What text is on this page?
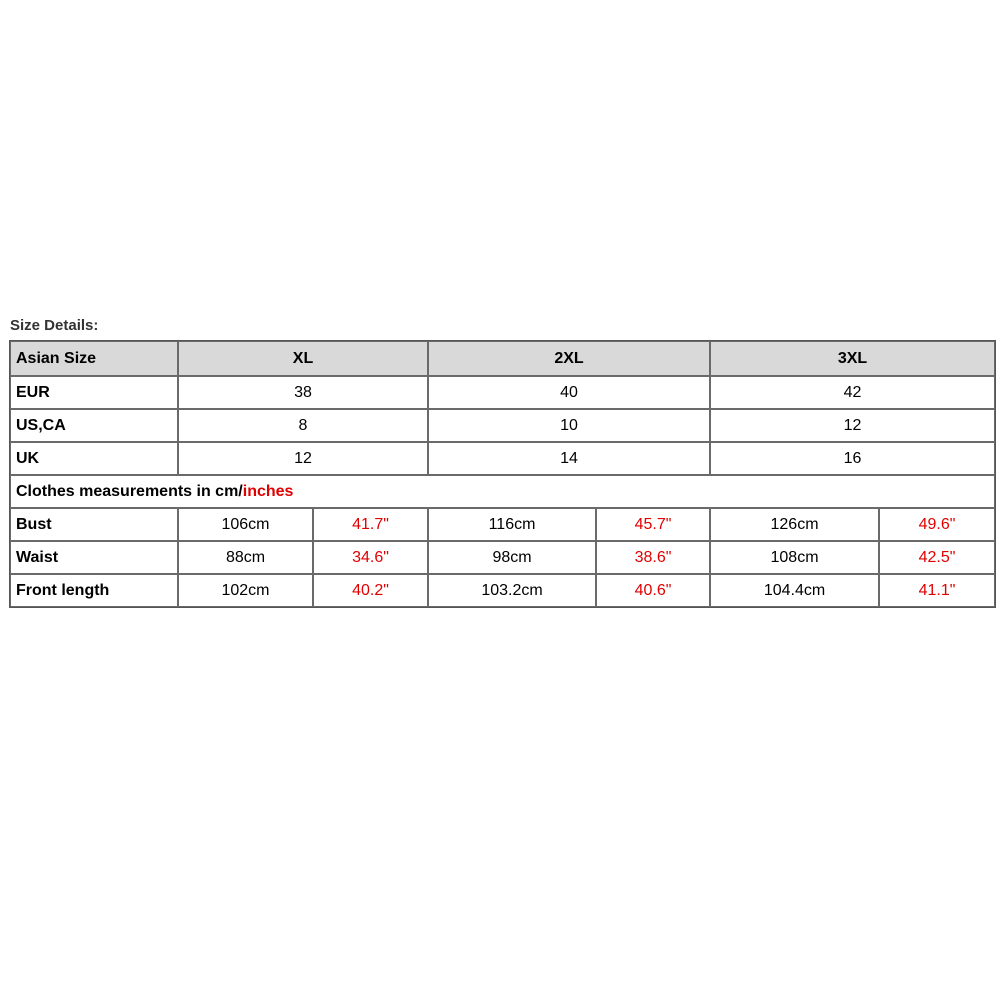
Size Details:
Asian Size	XL		2XL		3XL	
EUR	38		40		42	
US,CA	8		10		12	
UK	12		14		16	
Clothes measurements in cm/inches						
Bust	106cm	41.7"	116cm	45.7"	126cm	49.6"
Waist	88cm	34.6"	98cm	38.6"	108cm	42.5"
Front length	102cm	40.2"	103.2cm	40.6"	104.4cm	41.1"
